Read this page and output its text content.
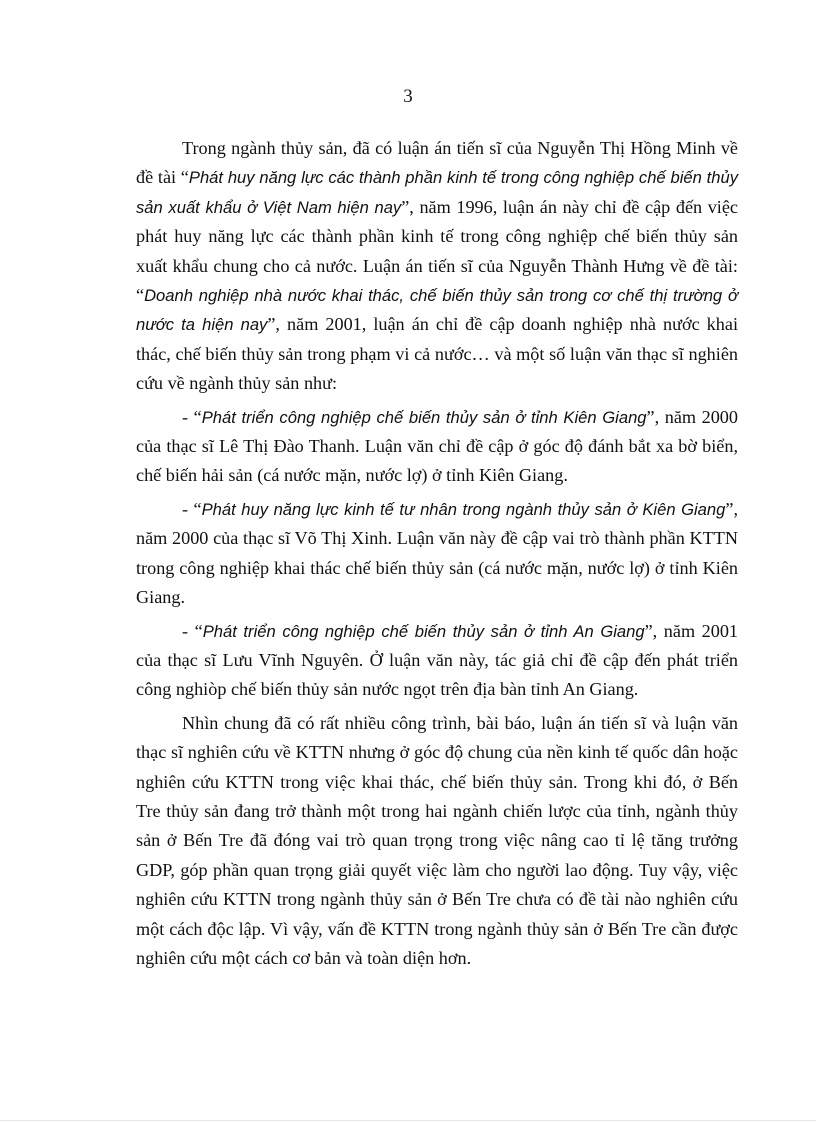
3

Trong ngành thủy sản, đã có luận án tiến sĩ của Nguyễn Thị Hồng Minh về đề tài “Phát huy năng lực các thành phần kinh tế trong công nghiệp chế biến thủy sản xuất khẩu ở Việt Nam hiện nay”, năm 1996, luận án này chỉ đề cập đến việc phát huy năng lực các thành phần kinh tế trong công nghiệp chế biến thủy sản xuất khẩu chung cho cả nước. Luận án tiến sĩ của Nguyễn Thành Hưng về đề tài: “Doanh nghiệp nhà nước khai thác, chế biến thủy sản trong cơ chế thị trường ở nước ta hiện nay”, năm 2001, luận án chỉ đề cập doanh nghiệp nhà nước khai thác, chế biến thủy sản trong phạm vi cả nước… và một số luận văn thạc sĩ nghiên cứu về ngành thủy sản như:

- “Phát triển công nghiệp chế biến thủy sản ở tỉnh Kiên Giang”, năm 2000 của thạc sĩ Lê Thị Đào Thanh. Luận văn chỉ đề cập ở góc độ đánh bắt xa bờ biển, chế biến hải sản (cá nước mặn, nước lợ) ở tỉnh Kiên Giang.

- “Phát huy năng lực kinh tế tư nhân trong ngành thủy sản ở Kiên Giang”, năm 2000 của thạc sĩ Võ Thị Xinh. Luận văn này đề cập vai trò thành phần KTTN trong công nghiệp khai thác chế biến thủy sản (cá nước mặn, nước lợ) ở tỉnh Kiên Giang.

- “Phát triển công nghiệp chế biến thủy sản ở tỉnh An Giang”, năm 2001 của thạc sĩ Lưu Vĩnh Nguyên. Ở luận văn này, tác giả chỉ đề cập đến phát triển công nghiòp chế biến thủy sản nước ngọt trên địa bàn tỉnh An Giang.

Nhìn chung đã có rất nhiều công trình, bài báo, luận án tiến sĩ và luận văn thạc sĩ nghiên cứu về KTTN nhưng ở góc độ chung của nền kinh tế quốc dân hoặc nghiên cứu KTTN trong việc khai thác, chế biến thủy sản. Trong khi đó, ở Bến Tre thủy sản đang trở thành một trong hai ngành chiến lược của tỉnh, ngành thủy sản ở Bến Tre đã đóng vai trò quan trọng trong việc nâng cao tỉ lệ tăng trưởng GDP, góp phần quan trọng giải quyết việc làm cho người lao động. Tuy vậy, việc nghiên cứu KTTN trong ngành thủy sản ở Bến Tre chưa có đề tài nào nghiên cứu một cách độc lập. Vì vậy, vấn đề KTTN trong ngành thủy sản ở Bến Tre cần được nghiên cứu một cách cơ bản và toàn diện hơn.
